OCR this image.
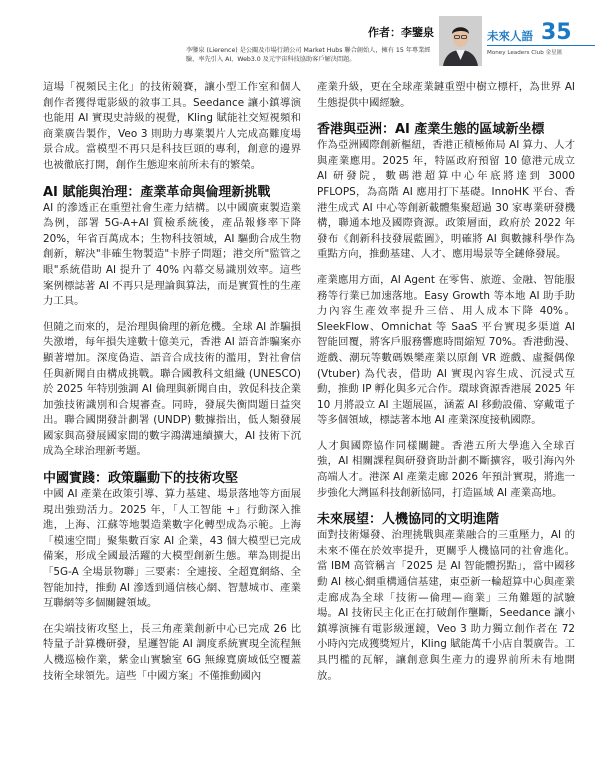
作者：李鑒泉
李鑒泉 (Lierence) 是公關及市場行銷公司 Market Hubs 聯合創始人，擁有 15 年專業經驗，率先引入 AI、Web3.0 及元宇宙科技協助客戶解決問題。
未來人語 35
Money Leaders Club 金星匯

這場「視頻民主化」的技術競賽，讓小型工作室和個人創作者獲得電影級的敘事工具。Seedance 讓小鎮導演也能用 AI 實現史詩級的視覺，Kling 賦能社交短視頻和商業廣告製作，Veo 3 則助力專業製片人完成高難度場景合成。當模型不再只是科技巨頭的專利，創意的邊界也被徹底打開，創作生態迎來前所未有的繁榮。

AI 賦能與治理：產業革命與倫理新挑戰

AI 的滲透正在重塑社會生產力結構。以中國廣東製造業為例，部署 5G-A+AI 質檢系統後，產品報修率下降 20%，年省百萬成本；生物科技領域，AI 驅動合成生物創新，解決"非確生物製造"卡脖子問題；港交所"監管之眼"系統借助 AI 提升了 40% 內幕交易識別效率。這些案例標誌著 AI 不再只是理論與算法，而是實質性的生產力工具。

但隨之而來的，是治理與倫理的新危機。全球 AI 詐騙損失激增，每年損失達數十億美元，香港 AI 語音詐騙案亦顯著增加。深度偽造、語音合成技術的濫用，對社會信任與新聞自由構成挑戰。聯合國教科文組織 (UNESCO) 於 2025 年特別強調 AI 倫理與新聞自由，敦促科技企業加強技術識別和合規審查。同時，發展失衡問題日益突出。聯合國開發計劃署 (UNDP) 數據指出，低人類發展國家與高發展國家間的數字鴻溝連續擴大，AI 技術下沉成為全球治理新考題。

中國實踐：政策驅動下的技術攻堅

中國 AI 產業在政策引導、算力基建、場景落地等方面展現出強勁活力。2025 年，「人工智能 +」行動深入推進，上海、江蘇等地製造業數字化轉型成為示範。上海「模速空間」聚集數百家 AI 企業，43 個大模型已完成備案，形成全國最活躍的大模型創新生態。華為則提出「5G-A 全場景物聯」三要素：全連接、全超寬網絡、全智能加持，推動 AI 滲透到通信核心網、智慧城市、產業互聯網等多個關鍵領域。

在尖端技術攻堅上，長三角產業創新中心已完成 26 比特量子計算機研發，星邏智能 AI 調度系統實現全流程無人機巡檢作業，紫金山實驗室 6G 無線寬廣域低空覆蓋技術全球領先。這些「中國方案」不僅推動國內

產業升級，更在全球產業鏈重塑中樹立標杆，為世界 AI 生態提供中國經驗。

香港與亞洲：AI 產業生態的區域新坐標

作為亞洲國際創新樞紐，香港正積極佈局 AI 算力、人才與產業應用。2025 年，特區政府預留 10 億港元成立 AI 研發院，數碼港超算中心年底將達到 3000 PFLOPS，為高階 AI 應用打下基礎。InnoHK 平台、香港生成式 AI 中心等創新載體集聚超過 30 家專業研發機構，聯通本地及國際資源。政策層面，政府於 2022 年發布《創新科技發展藍圖》，明確將 AI 與數據科學作為重點方向，推動基建、人才、應用場景等全鏈條發展。

產業應用方面，AI Agent 在零售、旅遊、金融、智能服務等行業已加速落地。Easy Growth 等本地 AI 助手助力內容生產效率提升三倍、用人成本下降 40%。SleekFlow、Omnichat 等 SaaS 平台實現多渠道 AI 智能回覆，將客戶服務響應時間縮短 70%。香港動漫、遊戲、潮玩等數碼娛樂產業以原創 VR 遊戲、虛擬偶像 (Vtuber) 為代表，借助 AI 實現內容生成、沉浸式互動，推動 IP 孵化與多元合作。環球資源香港展 2025 年 10 月將設立 AI 主題展區，涵蓋 AI 移動設備、穿戴電子等多個領域，標誌著本地 AI 產業深度接軌國際。

人才與國際協作同樣關鍵。香港五所大學進入全球百強，AI 相關課程與研發資助計劃不斷擴容，吸引海內外高端人才。港深 AI 產業走廊 2026 年預計實現，將進一步強化大灣區科技創新協同，打造區域 AI 產業高地。

未來展望：人機協同的文明進階

面對技術爆發、治理挑戰與產業融合的三重壓力，AI 的未來不僅在於效率提升，更關乎人機協同的社會進化。當 IBM 高管稱言「2025 是 AI 智能體拐點」，當中國移動 AI 核心網重構通信基建，東亞新一輪超算中心與產業走廊成為全球「技術—倫理—商業」三角難題的試驗場。AI 技術民主化正在打破創作壟斷，Seedance 讓小鎮導演擁有電影級運鏡，Veo 3 助力獨立創作者在 72 小時內完成獲獎短片，Kling 賦能萬千小店自製廣告。工具門檻的瓦解，讓創意與生產力的邊界前所未有地開放。
